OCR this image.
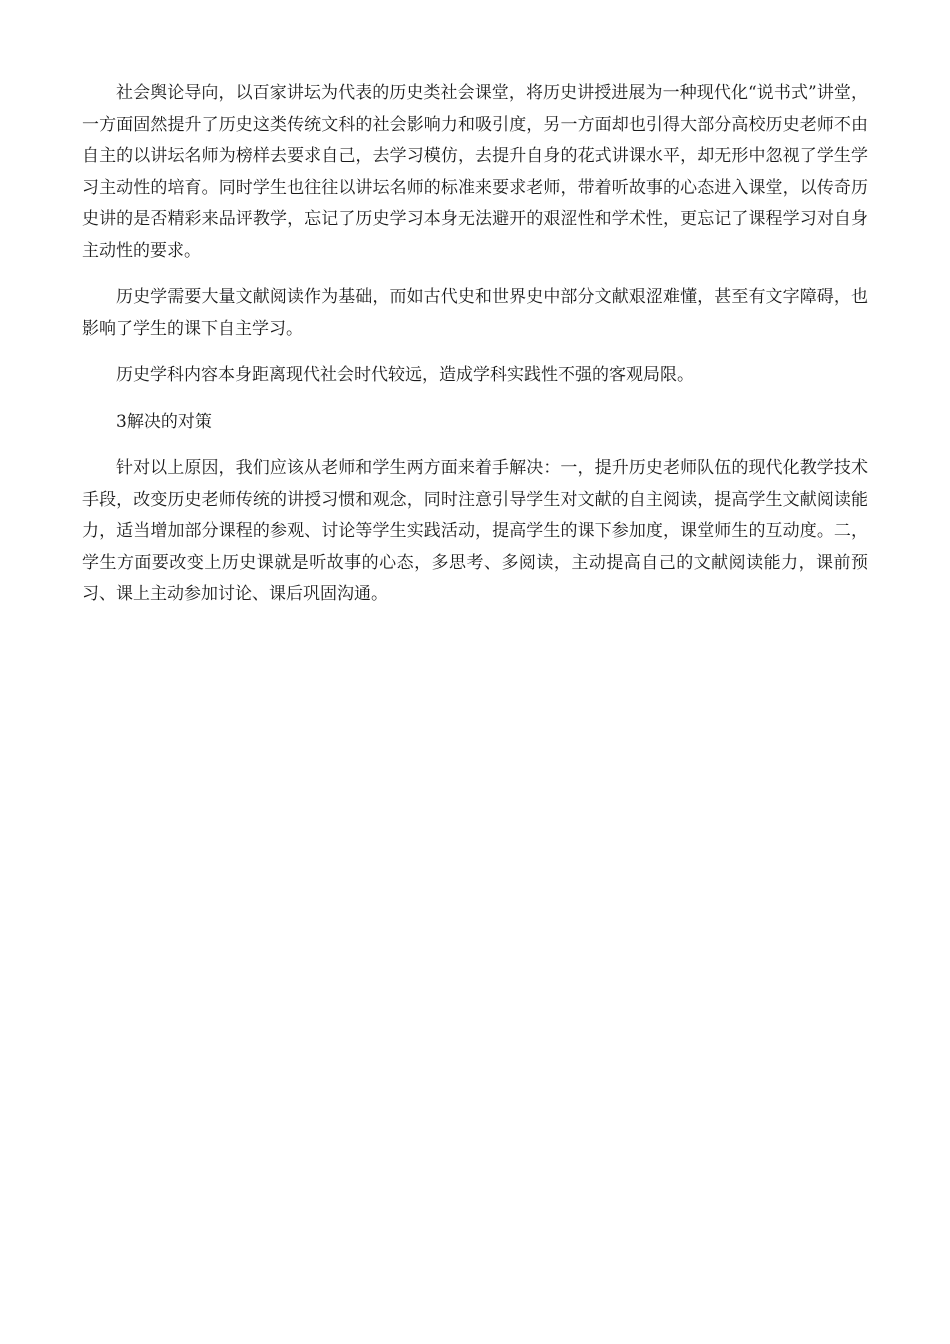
社会舆论导向，以百家讲坛为代表的历史类社会课堂，将历史讲授进展为一种现代化“说书式”讲堂，一方面固然提升了历史这类传统文科的社会影响力和吸引度，另一方面却也引得大部分高校历史老师不由自主的以讲坛名师为榜样去要求自己，去学习模仿，去提升自身的花式讲课水平，却无形中忽视了学生学习主动性的培育。同时学生也往往以讲坛名师的标准来要求老师，带着听故事的心态进入课堂，以传奇历史讲的是否精彩来品评教学，忘记了历史学习本身无法避开的艰涩性和学术性，更忘记了课程学习对自身主动性的要求。

历史学需要大量文献阅读作为基础，而如古代史和世界史中部分文献艰涩难懂，甚至有文字障碍，也影响了学生的课下自主学习。

历史学科内容本身距离现代社会时代较远，造成学科实践性不强的客观局限。

3解决的对策

针对以上原因，我们应该从老师和学生两方面来着手解决：一，提升历史老师队伍的现代化教学技术手段，改变历史老师传统的讲授习惯和观念，同时注意引导学生对文献的自主阅读，提高学生文献阅读能力，适当增加部分课程的参观、讨论等学生实践活动，提高学生的课下参加度，课堂师生的互动度。二，学生方面要改变上历史课就是听故事的心态，多思考、多阅读，主动提高自己的文献阅读能力，课前预习、课上主动参加讨论、课后巩固沟通。
